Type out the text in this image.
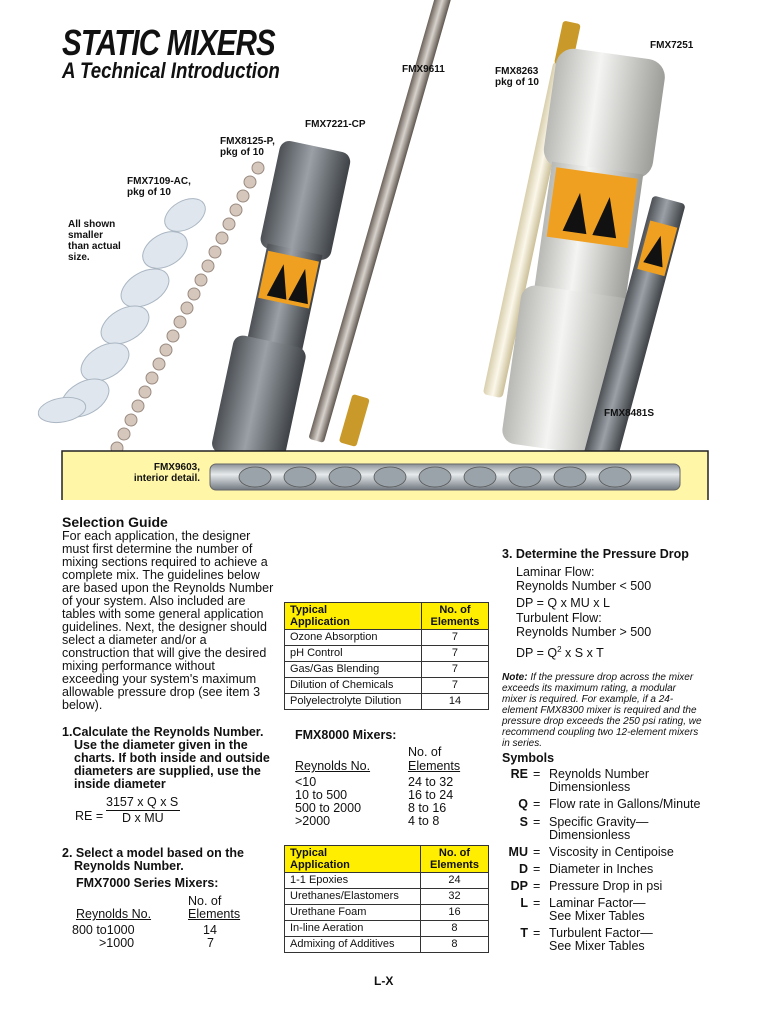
STATIC MIXERS
A Technical Introduction	FMX9611	FMX8263
pkg of 10
FMX7251
FMX7221-CP
FMX8125-P,
pkg of 10
FMX7109-AC,
pkg of 10
All shown
smaller
than actual
size.
FMX8481S
FMX9603,
interior detail.
Selection Guide
For each application, the designer must first determine the number of mixing sections required to achieve a complete mix. The guidelines below are based upon the Reynolds Number of your system. Also included are tables with some general application guidelines. Next, the designer should select a diameter and/or a construction that will give the desired mixing performance without exceeding your system's maximum allowable pressure drop (see item 3 below).
1.Calculate the Reynolds Number. Use the diameter given in the charts. If both inside and outside diameters are supplied, use the inside diameter
RE =
3157 x Q x S
D x MU
2. Select a model based on the Reynolds Number.
FMX7000 Series Mixers:
No. of
Reynolds No.	Elements
800 to1000	14
>1000	7
Typical
Application	No. of
Elements
Ozone Absorption	7
pH Control	7
Gas/Gas Blending	7
Dilution of Chemicals	7
Polyelectrolyte Dilution	14
FMX8000 Mixers:
No. of
Reynolds No.	Elements
<10	24 to 32
10 to 500	16 to 24
500 to 2000	8 to 16
>2000	4 to 8
Typical
Application	No. of
Elements
1-1 Epoxies	24
Urethanes/Elastomers	32
Urethane Foam	16
In-line Aeration	8
Admixing of Additives	8
3. Determine the Pressure Drop
Laminar Flow:
Reynolds Number < 500
DP = Q x MU x L
Turbulent Flow:
Reynolds Number > 500
DP = $Q^2$ x S x T
Note: If the pressure drop across the mixer exceeds its maximum rating, a modular mixer is required. For example, if a 24-element FMX8300 mixer is required and the pressure drop exceeds the 250 psi rating, we recommend coupling two 12-element mixers in series.
Symbols
RE = Reynolds Number
Dimensionless
Q = Flow rate in Gallons/Minute
S = Specific Gravity—
Dimensionless
MU = Viscosity in Centipoise
D = Diameter in Inches
DP = Pressure Drop in psi
L = Laminar Factor—
See Mixer Tables
T = Turbulent Factor—
See Mixer Tables
L-X
